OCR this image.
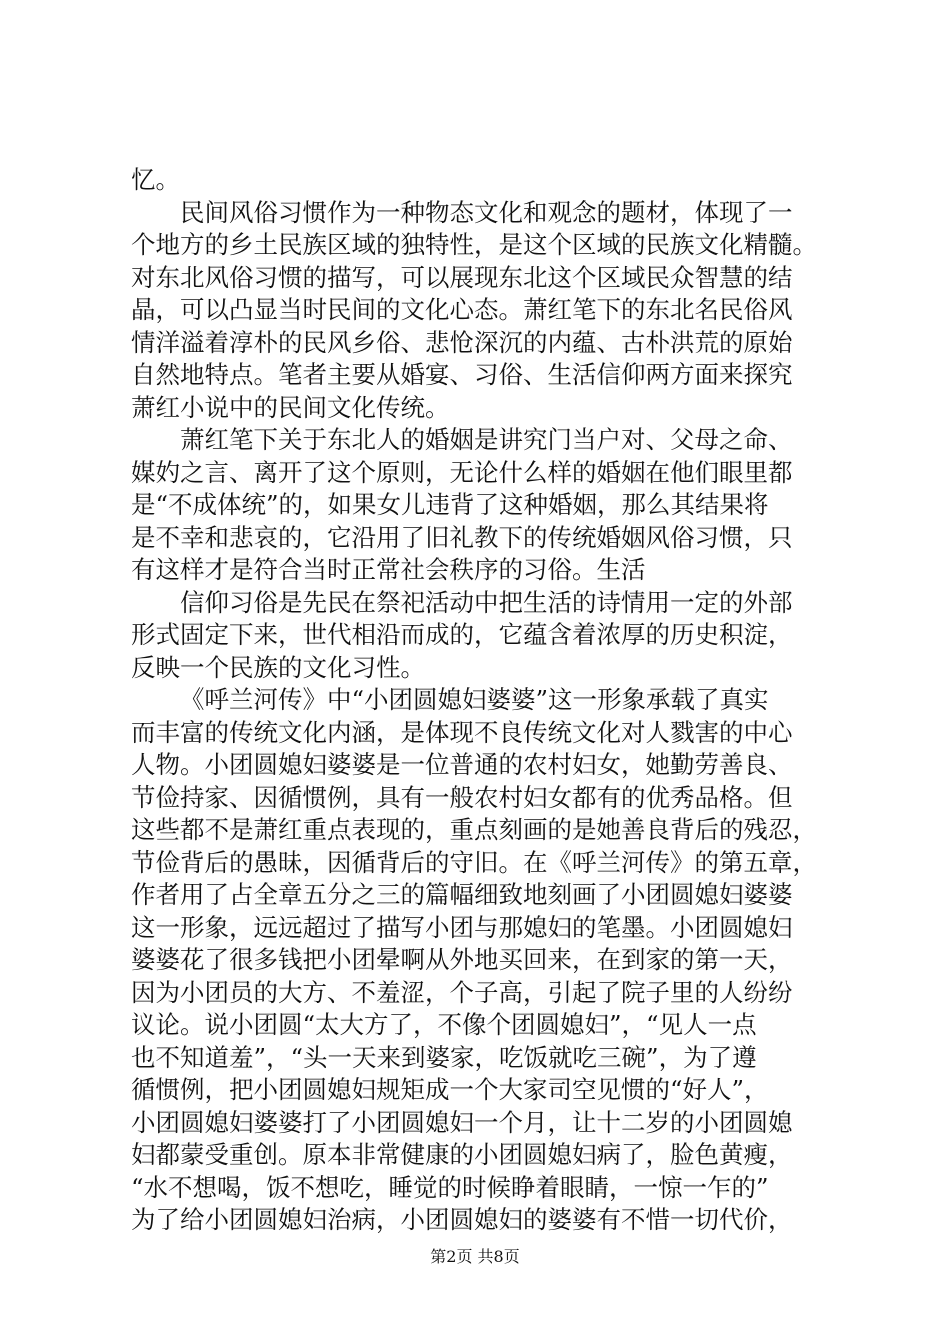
忆。
民间风俗习惯作为一种物态文化和观念的题材，体现了一
个地方的乡土民族区域的独特性，是这个区域的民族文化精髓。
对东北风俗习惯的描写，可以展现东北这个区域民众智慧的结
晶，可以凸显当时民间的文化心态。萧红笔下的东北名民俗风
情洋溢着淳朴的民风乡俗、悲怆深沉的内蕴、古朴洪荒的原始
自然地特点。笔者主要从婚宴、习俗、生活信仰两方面来探究
萧红小说中的民间文化传统。
萧红笔下关于东北人的婚姻是讲究门当户对、父母之命、
媒妁之言、离开了这个原则，无论什么样的婚姻在他们眼里都
是“不成体统”的，如果女儿违背了这种婚姻，那么其结果将
是不幸和悲哀的，它沿用了旧礼教下的传统婚姻风俗习惯，只
有这样才是符合当时正常社会秩序的习俗。生活
信仰习俗是先民在祭祀活动中把生活的诗情用一定的外部
形式固定下来，世代相沿而成的，它蕴含着浓厚的历史积淀，
反映一个民族的文化习性。
《呼兰河传》中“小团圆媳妇婆婆”这一形象承载了真实
而丰富的传统文化内涵，是体现不良传统文化对人戮害的中心
人物。小团圆媳妇婆婆是一位普通的农村妇女，她勤劳善良、
节俭持家、因循惯例，具有一般农村妇女都有的优秀品格。但
这些都不是萧红重点表现的，重点刻画的是她善良背后的残忍，
节俭背后的愚昧，因循背后的守旧。在《呼兰河传》的第五章，
作者用了占全章五分之三的篇幅细致地刻画了小团圆媳妇婆婆
这一形象，远远超过了描写小团与那媳妇的笔墨。小团圆媳妇
婆婆花了很多钱把小团晕啊从外地买回来，在到家的第一天，
因为小团员的大方、不羞涩，个子高，引起了院子里的人纷纷
议论。说小团圆“太大方了，不像个团圆媳妇”，“见人一点
也不知道羞”，“头一天来到婆家，吃饭就吃三碗”，为了遵
循惯例，把小团圆媳妇规矩成一个大家司空见惯的“好人”，
小团圆媳妇婆婆打了小团圆媳妇一个月，让十二岁的小团圆媳
妇都蒙受重创。原本非常健康的小团圆媳妇病了，脸色黄瘦，
“水不想喝，饭不想吃，睡觉的时候睁着眼睛，一惊一乍的”
为了给小团圆媳妇治病，小团圆媳妇的婆婆有不惜一切代价，
第2页 共8页
